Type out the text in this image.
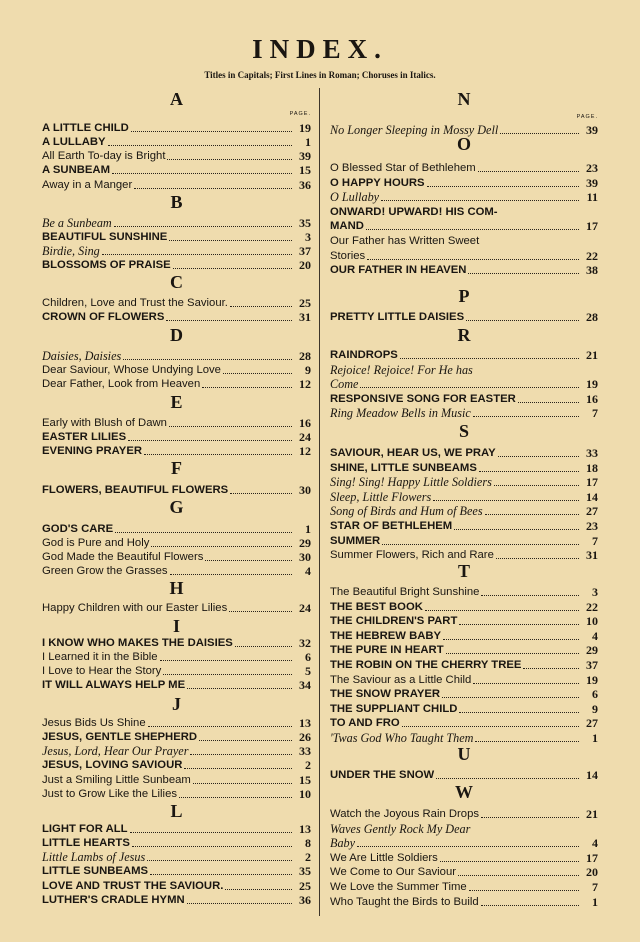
INDEX.
Titles in Capitals; First Lines in Roman; Choruses in Italics.
A
PAGE.
A LITTLE CHILD	19
A LULLABY	1
All Earth To-day is Bright	39
A SUNBEAM	15
Away in a Manger	36
B
Be a Sunbeam	35
BEAUTIFUL SUNSHINE	3
Birdie, Sing	37
BLOSSOMS OF PRAISE	20
C
Children, Love and Trust the Saviour.	25
CROWN OF FLOWERS	31
D
Daisies, Daisies	28
Dear Saviour, Whose Undying Love	9
Dear Father, Look from Heaven	12
E
Early with Blush of Dawn	16
EASTER LILIES	24
EVENING PRAYER	12
F
FLOWERS, BEAUTIFUL FLOWERS	30
G
GOD'S CARE	1
God is Pure and Holy	29
God Made the Beautiful Flowers	30
Green Grow the Grasses	4
H
Happy Children with our Easter Lilies	24
I
I KNOW WHO MAKES THE DAISIES	32
I Learned it in the Bible	6
I Love to Hear the Story	5
IT WILL ALWAYS HELP ME	34
J
Jesus Bids Us Shine	13
JESUS, GENTLE SHEPHERD	26
Jesus, Lord, Hear Our Prayer	33
JESUS, LOVING SAVIOUR	2
Just a Smiling Little Sunbeam	15
Just to Grow Like the Lilies	10
L
LIGHT FOR ALL	13
LITTLE HEARTS	8
Little Lambs of Jesus	2
LITTLE SUNBEAMS	35
LOVE AND TRUST THE SAVIOUR.	25
LUTHER'S CRADLE HYMN	36
N
PAGE.
No Longer Sleeping in Mossy Dell	39
O
O Blessed Star of Bethlehem	23
O HAPPY HOURS	39
O Lullaby	11
ONWARD! UPWARD! HIS COM-
MAND	17
Our Father has Written Sweet
Stories	22
OUR FATHER IN HEAVEN	38
P
PRETTY LITTLE DAISIES	28
R
RAINDROPS	21
Rejoice! Rejoice! For He has
Come	19
RESPONSIVE SONG FOR EASTER	16
Ring Meadow Bells in Music	7
S
SAVIOUR, HEAR US, WE PRAY	33
SHINE, LITTLE SUNBEAMS	18
Sing! Sing! Happy Little Soldiers	17
Sleep, Little Flowers	14
Song of Birds and Hum of Bees	27
STAR OF BETHLEHEM	23
SUMMER	7
Summer Flowers, Rich and Rare	31
T
The Beautiful Bright Sunshine	3
THE BEST BOOK	22
THE CHILDREN'S PART	10
THE HEBREW BABY	4
THE PURE IN HEART	29
THE ROBIN ON THE CHERRY TREE	37
The Saviour as a Little Child	19
THE SNOW PRAYER	6
THE SUPPLIANT CHILD	9
TO AND FRO	27
'Twas God Who Taught Them	1
U
UNDER THE SNOW	14
W
Watch the Joyous Rain Drops	21
Waves Gently Rock My Dear
Baby	4
We Are Little Soldiers	17
We Come to Our Saviour	20
We Love the Summer Time	7
Who Taught the Birds to Build	1
